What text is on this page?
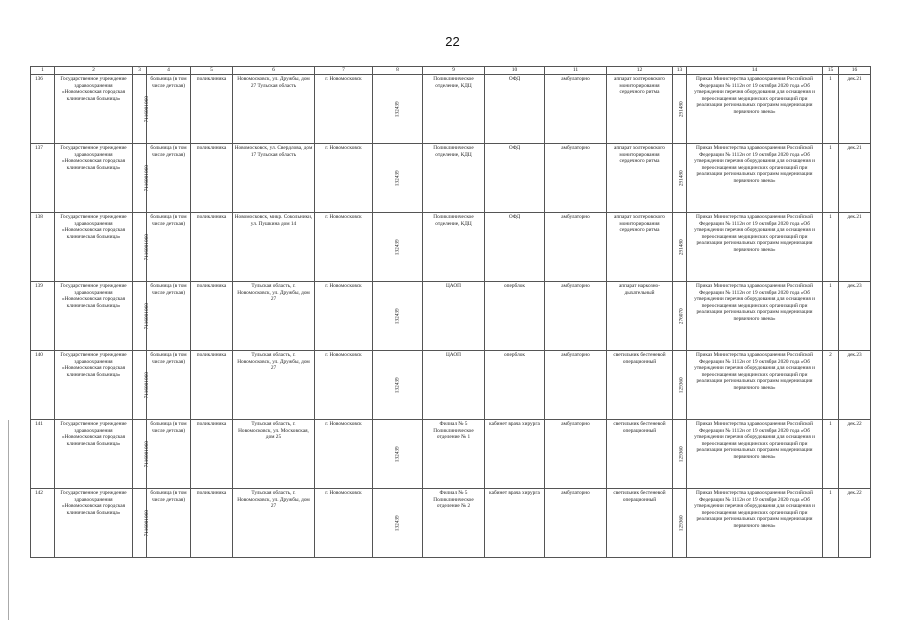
22
1	2	3	4	5	6	7	8	9	10	11	12	13	14	15	16
136	Государственное учреждение здравоохранения «Новомосковская городская клиническая больница»	7116001060	больница (в том числе детская)	поликлиника	Новомосковск, ул. Дружбы, дом 27 Тульская область	г. Новомосковск	132439	Поликлиническое отделение, КДЦ	ОФД	амбулаторно	аппарат холтеровского мониторирования сердечного ритма	291480	Приказ Министерства здравоохранения Российской Федерации № 1112н от 19 октября 2020 года «Об утверждении перечня оборудования для оснащения и переоснащения медицинских организаций при реализации региональных программ модернизации первичного звена»	1	дек.21
137	Государственное учреждение здравоохранения «Новомосковская городская клиническая больница»	7116001060	больница (в том числе детская)	поликлиника	Новомосковск, ул. Свердлова, дом 17 Тульская область	г. Новомосковск	132439	Поликлиническое отделение, КДЦ	ОФД	амбулаторно	аппарат холтеровского мониторирования сердечного ритма	291480	Приказ Министерства здравоохранения Российской Федерации № 1112н от 19 октября 2020 года «Об утверждении перечня оборудования для оснащения и переоснащения медицинских организаций при реализации региональных программ модернизации первичного звена»	1	дек.21
138	Государственное учреждение здравоохранения «Новомосковская городская клиническая больница»	7116001060	больница (в том числе детская)	поликлиника	Новомосковск, микр. Сокольники, ул. Пушкина дом 14	г. Новомосковск	132439	Поликлиническое отделение, КДЦ	ОФД	амбулаторно	аппарат холтеровского мониторирования сердечного ритма	291480	Приказ Министерства здравоохранения Российской Федерации № 1112н от 19 октября 2020 года «Об утверждении перечня оборудования для оснащения и переоснащения медицинских организаций при реализации региональных программ модернизации первичного звена»	1	дек.21
139	Государственное учреждение здравоохранения «Новомосковская городская клиническая больница»	7116001060	больница (в том числе детская)	поликлиника	Тульская область, г. Новомосковск, ул. Дружбы, дом 27	г. Новомосковск	132439	ЦАОП	оперблок	амбулаторно	аппарат наркозно-дыхательный	276070	Приказ Министерства здравоохранения Российской Федерации № 1112н от 19 октября 2020 года «Об утверждении перечня оборудования для оснащения и переоснащения медицинских организаций при реализации региональных программ модернизации первичного звена»	1	дек.23
140	Государственное учреждение здравоохранения «Новомосковская городская клиническая больница»	7116001060	больница (в том числе детская)	поликлиника	Тульская область, г. Новомосковск, ул. Дружбы, дом 27	г. Новомосковск	132439	ЦАОП	оперблок	амбулаторно	светильник бестеневой операционный	129360	Приказ Министерства здравоохранения Российской Федерации № 1112н от 19 октября 2020 года «Об утверждении перечня оборудования для оснащения и переоснащения медицинских организаций при реализации региональных программ модернизации первичного звена»	2	дек.23
141	Государственное учреждение здравоохранения «Новомосковская городская клиническая больница»	7116001060	больница (в том числе детская)	поликлиника	Тульская область, г. Новомосковск, ул. Московская, дом 25	г. Новомосковск	132439	Филиал № 5 Поликлиническое отделение № 1	кабинет врача хирурга	амбулаторно	светильник бестеневой операционный	129360	Приказ Министерства здравоохранения Российской Федерации № 1112н от 19 октября 2020 года «Об утверждении перечня оборудования для оснащения и переоснащения медицинских организаций при реализации региональных программ модернизации первичного звена»	1	дек.22
142	Государственное учреждение здравоохранения «Новомосковская городская клиническая больница»	7116001060	больница (в том числе детская)	поликлиника	Тульская область, г. Новомосковск, ул. Дружбы, дом 27	г. Новомосковск	132439	Филиал № 5 Поликлиническое отделение № 2	кабинет врача хирурга	амбулаторно	светильник бестеневой операционный	129360	Приказ Министерства здравоохранения Российской Федерации № 1112н от 19 октября 2020 года «Об утверждении перечня оборудования для оснащения и переоснащения медицинских организаций при реализации региональных программ модернизации первичного звена»	1	дек.22
